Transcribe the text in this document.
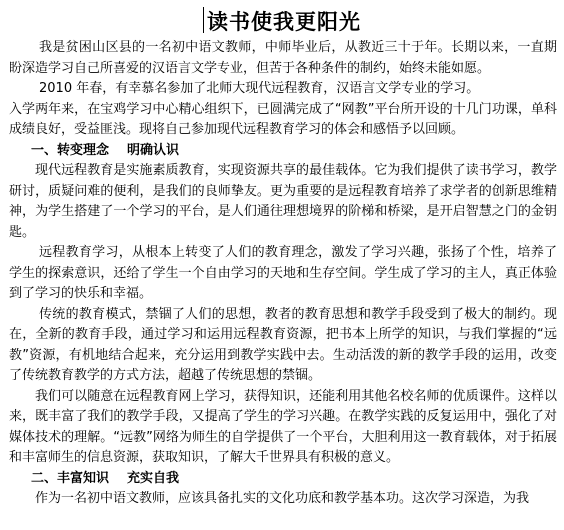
读书使我更阳光

我是贫困山区县的一名初中语文教师，中师毕业后，从教近三十于年。长期以来，一直期盼深造学习自己所喜爱的汉语言文学专业，但苦于各种条件的制约，始终未能如愿。

2010 年春，有幸慕名参加了北师大现代远程教育，汉语言文学专业的学习。

入学两年来，在宝鸡学习中心精心组织下，已圆满完成了“网教”平台所开设的十几门功课，单科成绩良好，受益匪浅。现将自己参加现代远程教育学习的体会和感悟予以回顾。

一、转变理念 明确认识

现代远程教育是实施素质教育，实现资源共享的最佳载体。它为我们提供了读书学习，教学研讨，质疑问难的便利，是我们的良师挚友。更为重要的是远程教育培养了求学者的创新思维精神，为学生搭建了一个学习的平台，是人们通往理想境界的阶梯和桥梁，是开启智慧之门的金钥匙。

远程教育学习，从根本上转变了人们的教育理念，激发了学习兴趣，张扬了个性，培养了学生的探索意识，还给了学生一个自由学习的天地和生存空间。学生成了学习的主人，真正体验到了学习的快乐和幸福。

传统的教育模式，禁锢了人们的思想，教者的教育思想和教学手段受到了极大的制约。现在，全新的教育手段，通过学习和运用远程教育资源，把书本上所学的知识，与我们掌握的“远教”资源，有机地结合起来，充分运用到教学实践中去。生动活泼的新的教学手段的运用，改变了传统教育教学的方式方法，超越了传统思想的禁锢。

我们可以随意在远程教育网上学习，获得知识，还能利用其他名校名师的优质课件。这样以来，既丰富了我们的教学手段，又提高了学生的学习兴趣。在教学实践的反复运用中，强化了对媒体技术的理解。“远教”网络为师生的自学提供了一个平台，大胆利用这一教育载体，对于拓展和丰富师生的信息资源，获取知识，了解大千世界具有积极的意义。

二、丰富知识 充实自我

作为一名初中语文教师，应该具备扎实的文化功底和教学基本功。这次学习深造，为我
